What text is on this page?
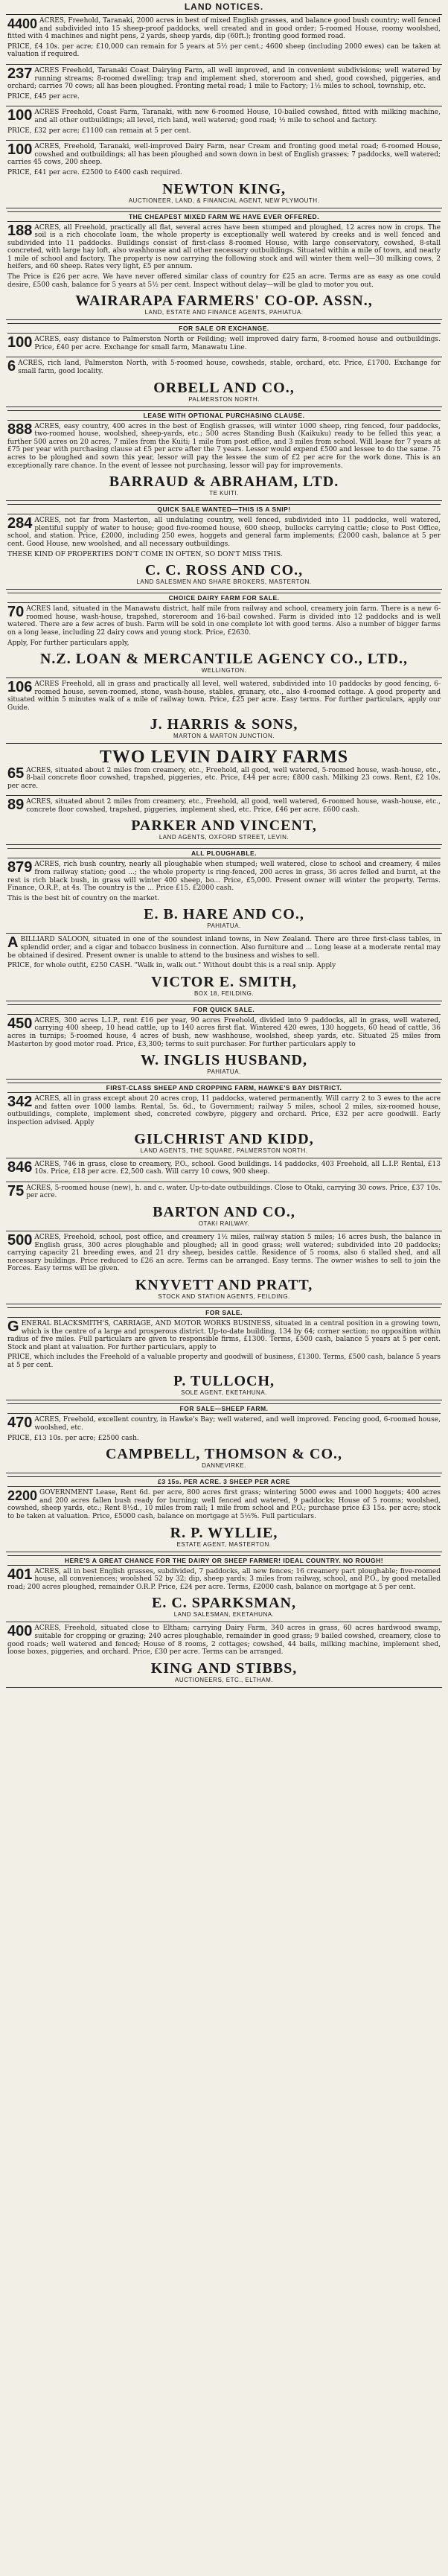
LAND NOTICES.

4400 ACRES, Freehold, Taranaki, 2000 acres in best of mixed English grasses, and balance good bush country; well fenced and subdivided into 15 sheep-proof paddocks, well created and in good order; 5-roomed House, roomy woolshed, fitted with 4 machines and night pens, 2 yards, sheep yards, dip (60ft.); fronting good formed road.

PRICE, £4 10s. per acre; £10,000 can remain for 5 years at 5½ per cent.; 4600 sheep (including 2000 ewes) can be taken at valuation if required.

237 ACRES Freehold, Taranaki Coast Dairying Farm, all well improved, and in convenient subdivisions; well watered by running streams; 8-roomed dwelling; trap and implement shed, storeroom and shed, good cowshed, piggeries, and orchard; carries 70 cows; all has been ploughed. Fronting metal road; 1 mile to Factory; 1½ miles to school, township, etc.

PRICE, £45 per acre.

100 ACRES Freehold, Coast Farm, Taranaki, with new 6-roomed House, 10-bailed cowshed, fitted with milking machine, and all other outbuildings; all level, rich land, well watered; good road; ½ mile to school and factory.

PRICE, £32 per acre; £1100 can remain at 5 per cent.

100 ACRES, Freehold, Taranaki, well-improved Dairy Farm, near Cream and fronting good metal road; 6-roomed House, cowshed and outbuildings; all has been ploughed and sown down in best of English grasses; 7 paddocks, well watered; carries 45 cows, 200 sheep.

PRICE, £41 per acre. £2500 to £400 cash required.

NEWTON KING,
AUCTIONEER, LAND, & FINANCIAL AGENT, NEW PLYMOUTH.
THE CHEAPEST MIXED FARM WE HAVE EVER OFFERED.

188 ACRES, all Freehold, practically all flat, several acres have been stumped and ploughed, 12 acres now in crops. The soil is a rich chocolate loam, the whole property is exceptionally well watered by creeks and is well fenced and subdivided into 11 paddocks. Buildings consist of first-class 8-roomed House, with large conservatory, cowshed, 8-stall concreted, with large hay loft, also washhouse and all other necessary outbuildings. Situated within a mile of town, and nearly 1 mile of school and factory. The property is now carrying the following stock and will winter them well—30 milking cows, 2 heifers, and 60 sheep. Rates very light, £5 per annum.

The Price is £26 per acre. We have never offered similar class of country for £25 an acre. Terms are as easy as one could desire, £500 cash, balance for 5 years at 5½ per cent. Inspect without delay—will be glad to motor you out.

WAIRARAPA FARMERS' CO-OP. ASSN.,
LAND, ESTATE AND FINANCE AGENTS, PAHIATUA.
FOR SALE OR EXCHANGE.

100 ACRES, easy distance to Palmerston North or Feilding; well improved dairy farm, 8-roomed house and outbuildings. Price, £40 per acre. Exchange for small farm, Manawatu Line.

6 ACRES, rich land, Palmerston North, with 5-roomed house, cowsheds, stable, orchard, etc. Price, £1700. Exchange for small farm, good locality.

ORBELL AND CO.,
PALMERSTON NORTH.
LEASE WITH OPTIONAL PURCHASING CLAUSE.

888 ACRES, easy country, 400 acres in the best of English grasses, will winter 1000 sheep, ring fenced, four paddocks, two-roomed house, woolshed, sheep-yards, etc.; 500 acres Standing Bush (Kaikuku) ready to be felled this year, a further 500 acres on 20 acres, 7 miles from the Kuiti; 1 mile from post office, and 3 miles from school. Will lease for 7 years at £75 per year with purchasing clause at £5 per acre after the 7 years. Lessor would expend £500 and lessee to do the same. 75 acres to be ploughed and sown this year, lessor will pay the lessee the sum of £2 per acre for the work done. This is an exceptionally rare chance. In the event of lessee not purchasing, lessor will pay for improvements.

BARRAUD & ABRAHAM, LTD.
TE KUITI.
QUICK SALE WANTED—THIS IS A SNIP!

284 ACRES, not far from Masterton, all undulating country, well fenced, subdivided into 11 paddocks, well watered, plentiful supply of water to house; good five-roomed house, 600 sheep, bullocks carrying cattle; close to Post Office, school, and station. Price, £2000, including 250 ewes, hoggets and general farm implements; £2000 cash, balance at 5 per cent. Good House, new woolshed, and all necessary outbuildings.

THESE KIND OF PROPERTIES DON'T COME IN OFTEN, SO DON'T MISS THIS.

C. C. ROSS AND CO.,
LAND SALESMEN AND SHARE BROKERS, MASTERTON.
CHOICE DAIRY FARM FOR SALE.

70 ACRES land, situated in the Manawatu district, half mile from railway and school, creamery join farm. There is a new 6-roomed house, wash-house, trapshed, storeroom and 16-bail cowshed. Farm is divided into 12 paddocks and is well watered. There are a few acres of bush. Farm will be sold in one complete lot with good terms. Also a number of bigger farms on a long lease, including 22 dairy cows and young stock. Price, £2630.

Apply, For further particulars apply,

N.Z. LOAN & MERCANTILE AGENCY CO., LTD.,
WELLINGTON.

106 ACRES Freehold, all in grass and practically all level, well watered, subdivided into 10 paddocks by good fencing, 6-roomed house, seven-roomed, stone, wash-house, stables, granary, etc., also 4-roomed cottage. A good property and situated within 5 minutes walk of a mile of railway town. Price, £25 per acre. Easy terms. For further particulars, apply our Guide.

J. HARRIS & SONS,
MARTON & MARTON JUNCTION.
TWO LEVIN DAIRY FARMS

65 ACRES, situated about 2 miles from creamery, etc., Freehold, all good, well watered, 5-roomed house, wash-house, etc., 8-bail concrete floor cowshed, trapshed, piggeries, etc. Price, £44 per acre; £800 cash. Milking 23 cows. Rent, £2 10s. per acre.

89 ACRES, situated about 2 miles from creamery, etc., Freehold, all good, well watered, 6-roomed house, wash-house, etc., concrete floor cowshed, trapshed, piggeries, implement shed, etc. Price, £46 per acre. £600 cash.

PARKER AND VINCENT,
LAND AGENTS, OXFORD STREET, LEVIN.
ALL PLOUGHABLE.

879 ACRES, rich bush country, nearly all ploughable when stumped; well watered, close to school and creamery, 4 miles from railway station; good ...; the whole property is ring-fenced, 200 acres in grass, 36 acres felled and burnt, at the rest is rich black bush, in grass will winter 400 sheep, bo... Price, £5,000. Present owner will winter the property. Terms. Finance, O.R.P., at 4s. The country is the ... Price £15. £2000 cash.

This is the best bit of country on the market.

E. B. HARE AND CO.,
PAHIATUA.

ABILLIARD SALOON, situated in one of the soundest inland towns, in New Zealand. There are three first-class tables, in splendid order, and a cigar and tobacco business in connection. Also furniture and ... Long lease at a moderate rental may be obtained if desired. Present owner is unable to attend to the business and wishes to sell.

PRICE, for whole outfit, £250 CASH. "Walk in, walk out." Without doubt this is a real snip. Apply

VICTOR E. SMITH,
BOX 18, FEILDING.
FOR QUICK SALE.

450 ACRES, 300 acres L.I.P., rent £16 per year, 90 acres Freehold, divided into 9 paddocks, all in grass, well watered, carrying 400 sheep, 10 head cattle, up to 140 acres first flat. Wintered 420 ewes, 130 hoggets, 60 head of cattle, 36 acres in turnips; 5-roomed house, 4 acres of bush, new washhouse, woolshed, sheep yards, etc. Situated 25 miles from Masterton by good motor road. Price, £3,300; terms to suit purchaser. For further particulars apply to

W. INGLIS HUSBAND,
PAHIATUA.
FIRST-CLASS SHEEP AND CROPPING FARM, HAWKE'S BAY DISTRICT.

342 ACRES, all in grass except about 20 acres crop, 11 paddocks, watered permanently. Will carry 2 to 3 ewes to the acre and fatten over 1000 lambs. Rental, 5s. 6d., to Government; railway 5 miles, school 2 miles, six-roomed house, outbuildings, complete, implement shed, concreted cowbyre, piggery and orchard. Price, £32 per acre goodwill. Early inspection advised. Apply

GILCHRIST AND KIDD,
LAND AGENTS, THE SQUARE, PALMERSTON NORTH.

846 ACRES, 746 in grass, close to creamery, P.O., school. Good buildings. 14 paddocks, 403 Freehold, all L.I.P. Rental, £13 10s. Price, £18 per acre. £2,500 cash. Will carry 10 cows, 900 sheep.

75 ACRES, 5-roomed house (new), h. and c. water. Up-to-date outbuildings. Close to Otaki, carrying 30 cows. Price, £37 10s. per acre.

BARTON AND CO.,
OTAKI RAILWAY.

500 ACRES, Freehold, school, post office, and creamery 1½ miles, railway station 5 miles; 16 acres bush, the balance in English grass, 300 acres ploughable and ploughed; all in good grass; well watered; subdivided into 20 paddocks; carrying capacity 21 breeding ewes, and 21 dry sheep, besides cattle. Residence of 5 rooms, also 6 stalled shed, and all necessary buildings. Price reduced to £26 an acre. Terms can be arranged. Easy terms. The owner wishes to sell to join the Forces. Easy terms will be given.

KNYVETT AND PRATT,
STOCK AND STATION AGENTS, FEILDING.
FOR SALE.

GENERAL BLACKSMITH'S, CARRIAGE, AND MOTOR WORKS BUSINESS, situated in a central position in a growing town, which is the centre of a large and prosperous district. Up-to-date building, 134 by 64; corner section; no opposition within radius of five miles. Full particulars are given to responsible firms, £1300. Terms, £500 cash, balance 5 years at 5 per cent. Stock and plant at valuation. For further particulars, apply to

PRICE, which includes the Freehold of a valuable property and goodwill of business, £1300. Terms, £500 cash, balance 5 years at 5 per cent.

P. TULLOCH,
SOLE AGENT, EKETAHUNA.
FOR SALE—SHEEP FARM.

470 ACRES, Freehold, excellent country, in Hawke's Bay; well watered, and well improved. Fencing good, 6-roomed house, woolshed, etc.

PRICE, £13 10s. per acre; £2500 cash.

CAMPBELL, THOMSON & CO.,
DANNEVIRKE.
£3 15s. PER ACRE. 3 SHEEP PER ACRE

2200 GOVERNMENT Lease, Rent 6d. per acre, 800 acres first grass; wintering 5000 ewes and 1000 hoggets; 400 acres and 200 acres fallen bush ready for burning; well fenced and watered, 9 paddocks; House of 5 rooms; woolshed, cowshed, sheep yards, etc.; Rent 8½d., 10 miles from rail; 1 mile from school and P.O.; purchase price £3 15s. per acre; stock to be taken at valuation. Price, £5000 cash, balance on mortgage at 5½%. Full particulars.

R. P. WYLLIE,
ESTATE AGENT, MASTERTON.
HERE'S A GREAT CHANCE FOR THE DAIRY OR SHEEP FARMER! IDEAL COUNTRY. NO ROUGH!

401 ACRES, all in best English grasses, subdivided, 7 paddocks, all new fences; 16 creamery part ploughable; five-roomed house, all conveniences; woolshed 52 by 32; dip, sheep yards; 3 miles from railway, school, and P.O., by good metalled road; 200 acres ploughed, remainder O.R.P. Price, £24 per acre. Terms, £2000 cash, balance on mortgage at 5 per cent.

E. C. SPARKSMAN,
LAND SALESMAN, EKETAHUNA.

400 ACRES, Freehold, situated close to Eltham; carrying Dairy Farm, 340 acres in grass, 60 acres hardwood swamp, suitable for cropping or grazing; 240 acres ploughable, remainder in good grass; 9 bailed cowshed, creamery, close to good roads; well watered and fenced; House of 8 rooms, 2 cottages; cowshed, 44 bails, milking machine, implement shed, loose boxes, piggeries, and orchard. Price, £30 per acre. Terms can be arranged.

KING AND STIBBS,
AUCTIONEERS, ETC., ELTHAM.
